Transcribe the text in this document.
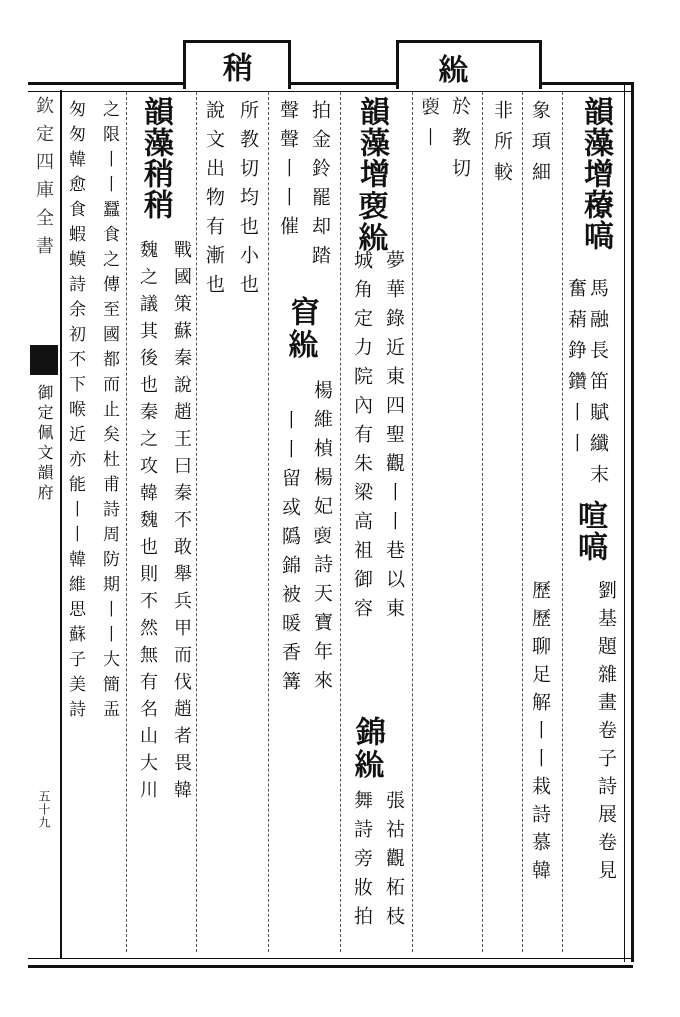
欽定四庫全書
御定佩文韻府
五十九
稍	𥿪
韻藻增䕩嗃
馬融長笛賦纖末
奮蕱錚鑽丨丨
喧嗃
劉基題雜畫卷子詩展卷見
歷歷聊足解丨丨栽詩慕韓
象頊細
非所較
於教切
𧛨丨
韻藻增𧛨𥿪
夢華錄近東四聖觀丨丨巷以東
城角定力院內有朱梁高祖御容
錦𥿪
張祜觀柘枝
舞詩旁妝拍
拍金鈴罷却踏
窅𥿪
楊維楨楊妃𧛨詩天寶年來
丨丨留㦯䧦錦被暖香篝
聲聲丨丨催
所教切均也小也
說文出物有漸也
韻藻稍稍
戰國策蘇秦說趙王曰秦不敢舉兵甲而伐趙者畏韓
魏之議其後也秦之攻韓魏也則不然無有名山大川
之限丨丨蠶食之傳至國都而止矣杜甫詩周防期丨丨大簡盂
匆匆韓愈食蝦蟆詩余初不下喉近亦能丨丨韓維思蘇子美詩
